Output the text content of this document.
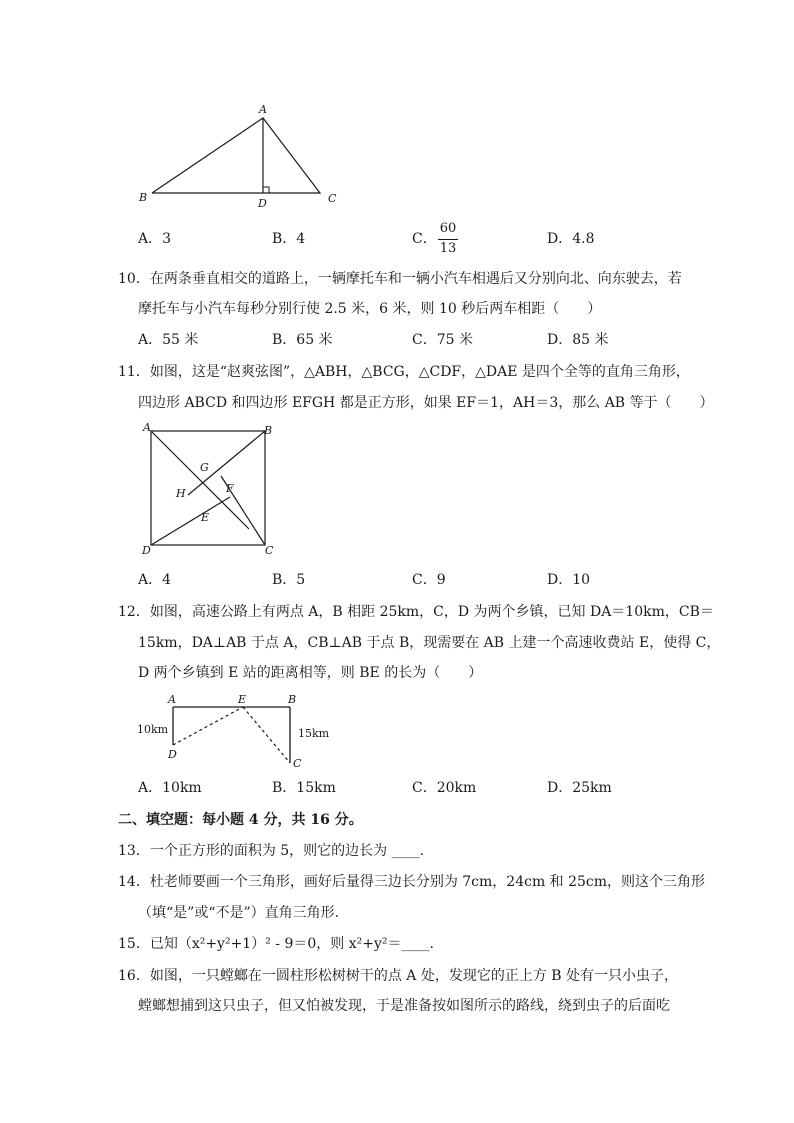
A
B	D	C
A．3	B．4	C．
60
13
D．4.8
10．在两条垂直相交的道路上，一辆摩托车和一辆小汽车相遇后又分别向北、向东驶去，若
摩托车与小汽车每秒分别行使 2.5 米，6 米，则 10 秒后两车相距（　　）
A．55 米	B．65 米	C．75 米	D．85 米
11．如图，这是“赵爽弦图”，△ABH，△BCG，△CDF，△DAE 是四个全等的直角三角形，
四边形 ABCD 和四边形 EFGH 都是正方形，如果 EF＝1，AH＝3，那么 AB 等于（　　）
A	B
G
F
H
E
D	C
A．4	B．5	C．9	D．10
12．如图，高速公路上有两点 A，B 相距 25km，C，D 为两个乡镇，已知 DA＝10km，CB＝
15km，DA⊥AB 于点 A，CB⊥AB 于点 B，现需要在 AB 上建一个高速收费站 E，使得 C，
D 两个乡镇到 E 站的距离相等，则 BE 的长为（　　）
A	E	B
10km
D
15km
C
A．10km	B．15km	C．20km	D．25km
二、填空题：每小题 4 分，共 16 分。
13．一个正方形的面积为 5，则它的边长为 ____.
14．杜老师要画一个三角形，画好后量得三边长分别为 7cm，24cm 和 25cm，则这个三角形
（填“是”或“不是”）直角三角形.
15．已知（x²+y²+1）² - 9＝0，则 x²+y²＝____.
16．如图，一只螳螂在一圆柱形松树树干的点 A 处，发现它的正上方 B 处有一只小虫子，
螳螂想捕到这只虫子，但又怕被发现，于是准备按如图所示的路线，绕到虫子的后面吃
